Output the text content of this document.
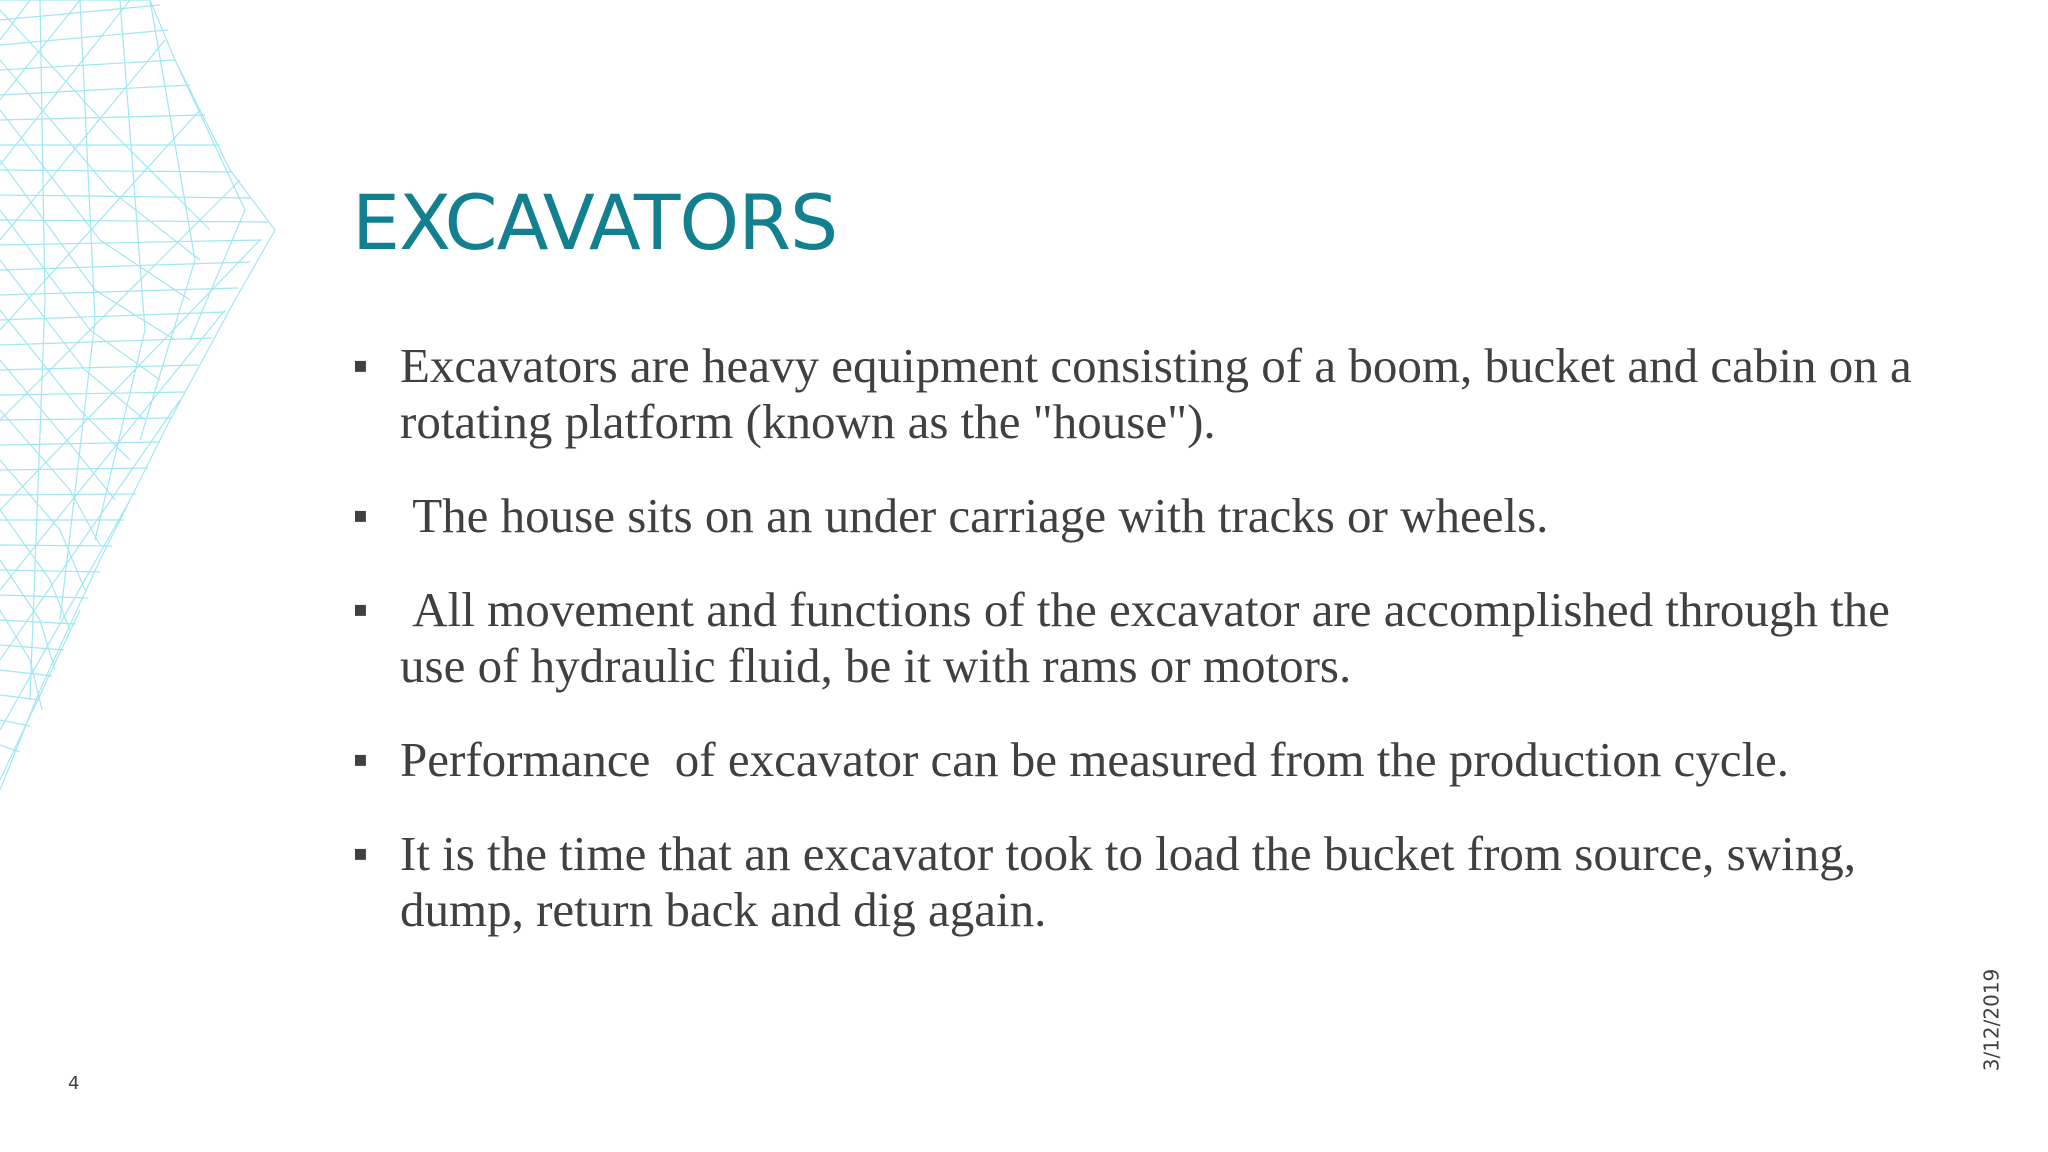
EXCAVATORS
▪ Excavators are heavy equipment consisting of a boom, bucket and cabin on a rotating platform (known as the "house").
▪ The house sits on an under carriage with tracks or wheels.
▪ All movement and functions of the excavator are accomplished through the use of hydraulic fluid, be it with rams or motors.
▪ Performance  of excavator can be measured from the production cycle.
▪ It is the time that an excavator took to load the bucket from source, swing, dump, return back and dig again.
4
3/12/2019
